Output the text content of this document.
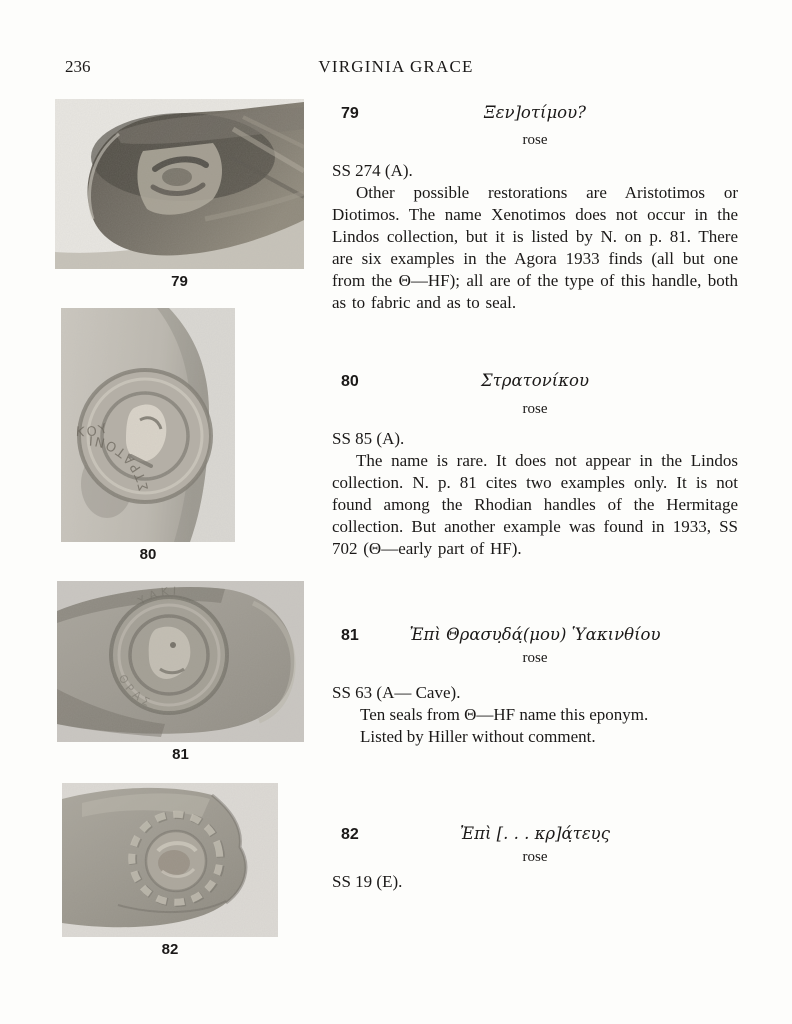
236	VIRGINIA GRACE
79
80
81
82
79	Ξεν]οτίμου?
rose
SS 274 (A).

Other possible restorations are Aristotimos or Diotimos. The name Xenotimos does not occur in the Lindos collection, but it is listed by N. on p. 81. There are six examples in the Agora 1933 finds (all but one from the Θ—HF); all are of the type of this handle, both as to fabric and as to seal.

80	Στρατονίκου
rose
SS 85 (A).

The name is rare. It does not appear in the Lindos collection. N. p. 81 cites two examples only. It is not found among the Rhodian handles of the Hermitage collection. But another example was found in 1933, SS 702 (Θ—early part of HF).

81	Ἐπὶ Θρασυ̣δά̣(μου) Ὑακινθίου
rose
SS 63 (A— Cave).
Ten seals from Θ—HF name this eponym.
Listed by Hiller without comment.
82	Ἐπὶ [. . . κρ]ά̣τευ̣ς
rose
SS 19 (E).
